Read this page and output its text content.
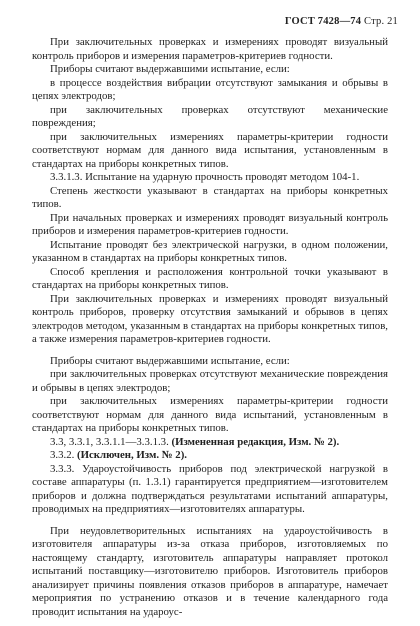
ГОСТ 7428—74 Стр. 21

При заключительных проверках и измерениях проводят визуальный контроль приборов и измерения параметров-критериев годности.

Приборы считают выдержавшими испытание, если:

в процессе воздействия вибрации отсутствуют замыкания и обрывы в цепях электродов;

при заключительных проверках отсутствуют механические повреждения;

при заключительных измерениях параметры-критерии годности соответствуют нормам для данного вида испытания, установленным в стандартах на приборы конкретных типов.

3.3.1.3. Испытание на ударную прочность проводят методом 104-1.

Степень жесткости указывают в стандартах на приборы конкретных типов.

При начальных проверках и измерениях проводят визуальный контроль приборов и измерения параметров-критериев годности.

Испытание проводят без электрической нагрузки, в одном положении, указанном в стандартах на приборы конкретных типов.

Способ крепления и расположения контрольной точки указывают в стандартах на приборы конкретных типов.

При заключительных проверках и измерениях проводят визуальный контроль приборов, проверку отсутствия замыканий и обрывов в цепях электродов методом, указанным в стандартах на приборы конкретных типов, а также измерения параметров-критериев годности.

Приборы считают выдержавшими испытание, если:

при заключительных проверках отсутствуют механические повреждения и обрывы в цепях электродов;

при заключительных измерениях параметры-критерии годности соответствуют нормам для данного вида испытаний, установленным в стандартах на приборы конкретных типов.

3.3, 3.3.1, 3.3.1.1—3.3.1.3. (Измененная редакция, Изм. № 2).

3.3.2. (Исключен, Изм. № 2).

3.3.3. Удароустойчивость приборов под электрической нагрузкой в составе аппаратуры (п. 1.3.1) гарантируется предприятием—изготовителем приборов и должна подтверждаться результатами испытаний аппаратуры, проводимых на предприятиях—изготовителях аппаратуры.

При неудовлетворительных испытаниях на удароустойчивость в изготовителя аппаратуры из-за отказа приборов, изготовляемых по настоящему стандарту, изготовитель аппаратуры направляет протокол испытаний поставщику—изготовителю приборов. Изготовитель приборов анализирует причины появления отказов приборов в аппаратуре, намечает мероприятия по устранению отказов и в течение календарного года проводит испытания на удароус-
